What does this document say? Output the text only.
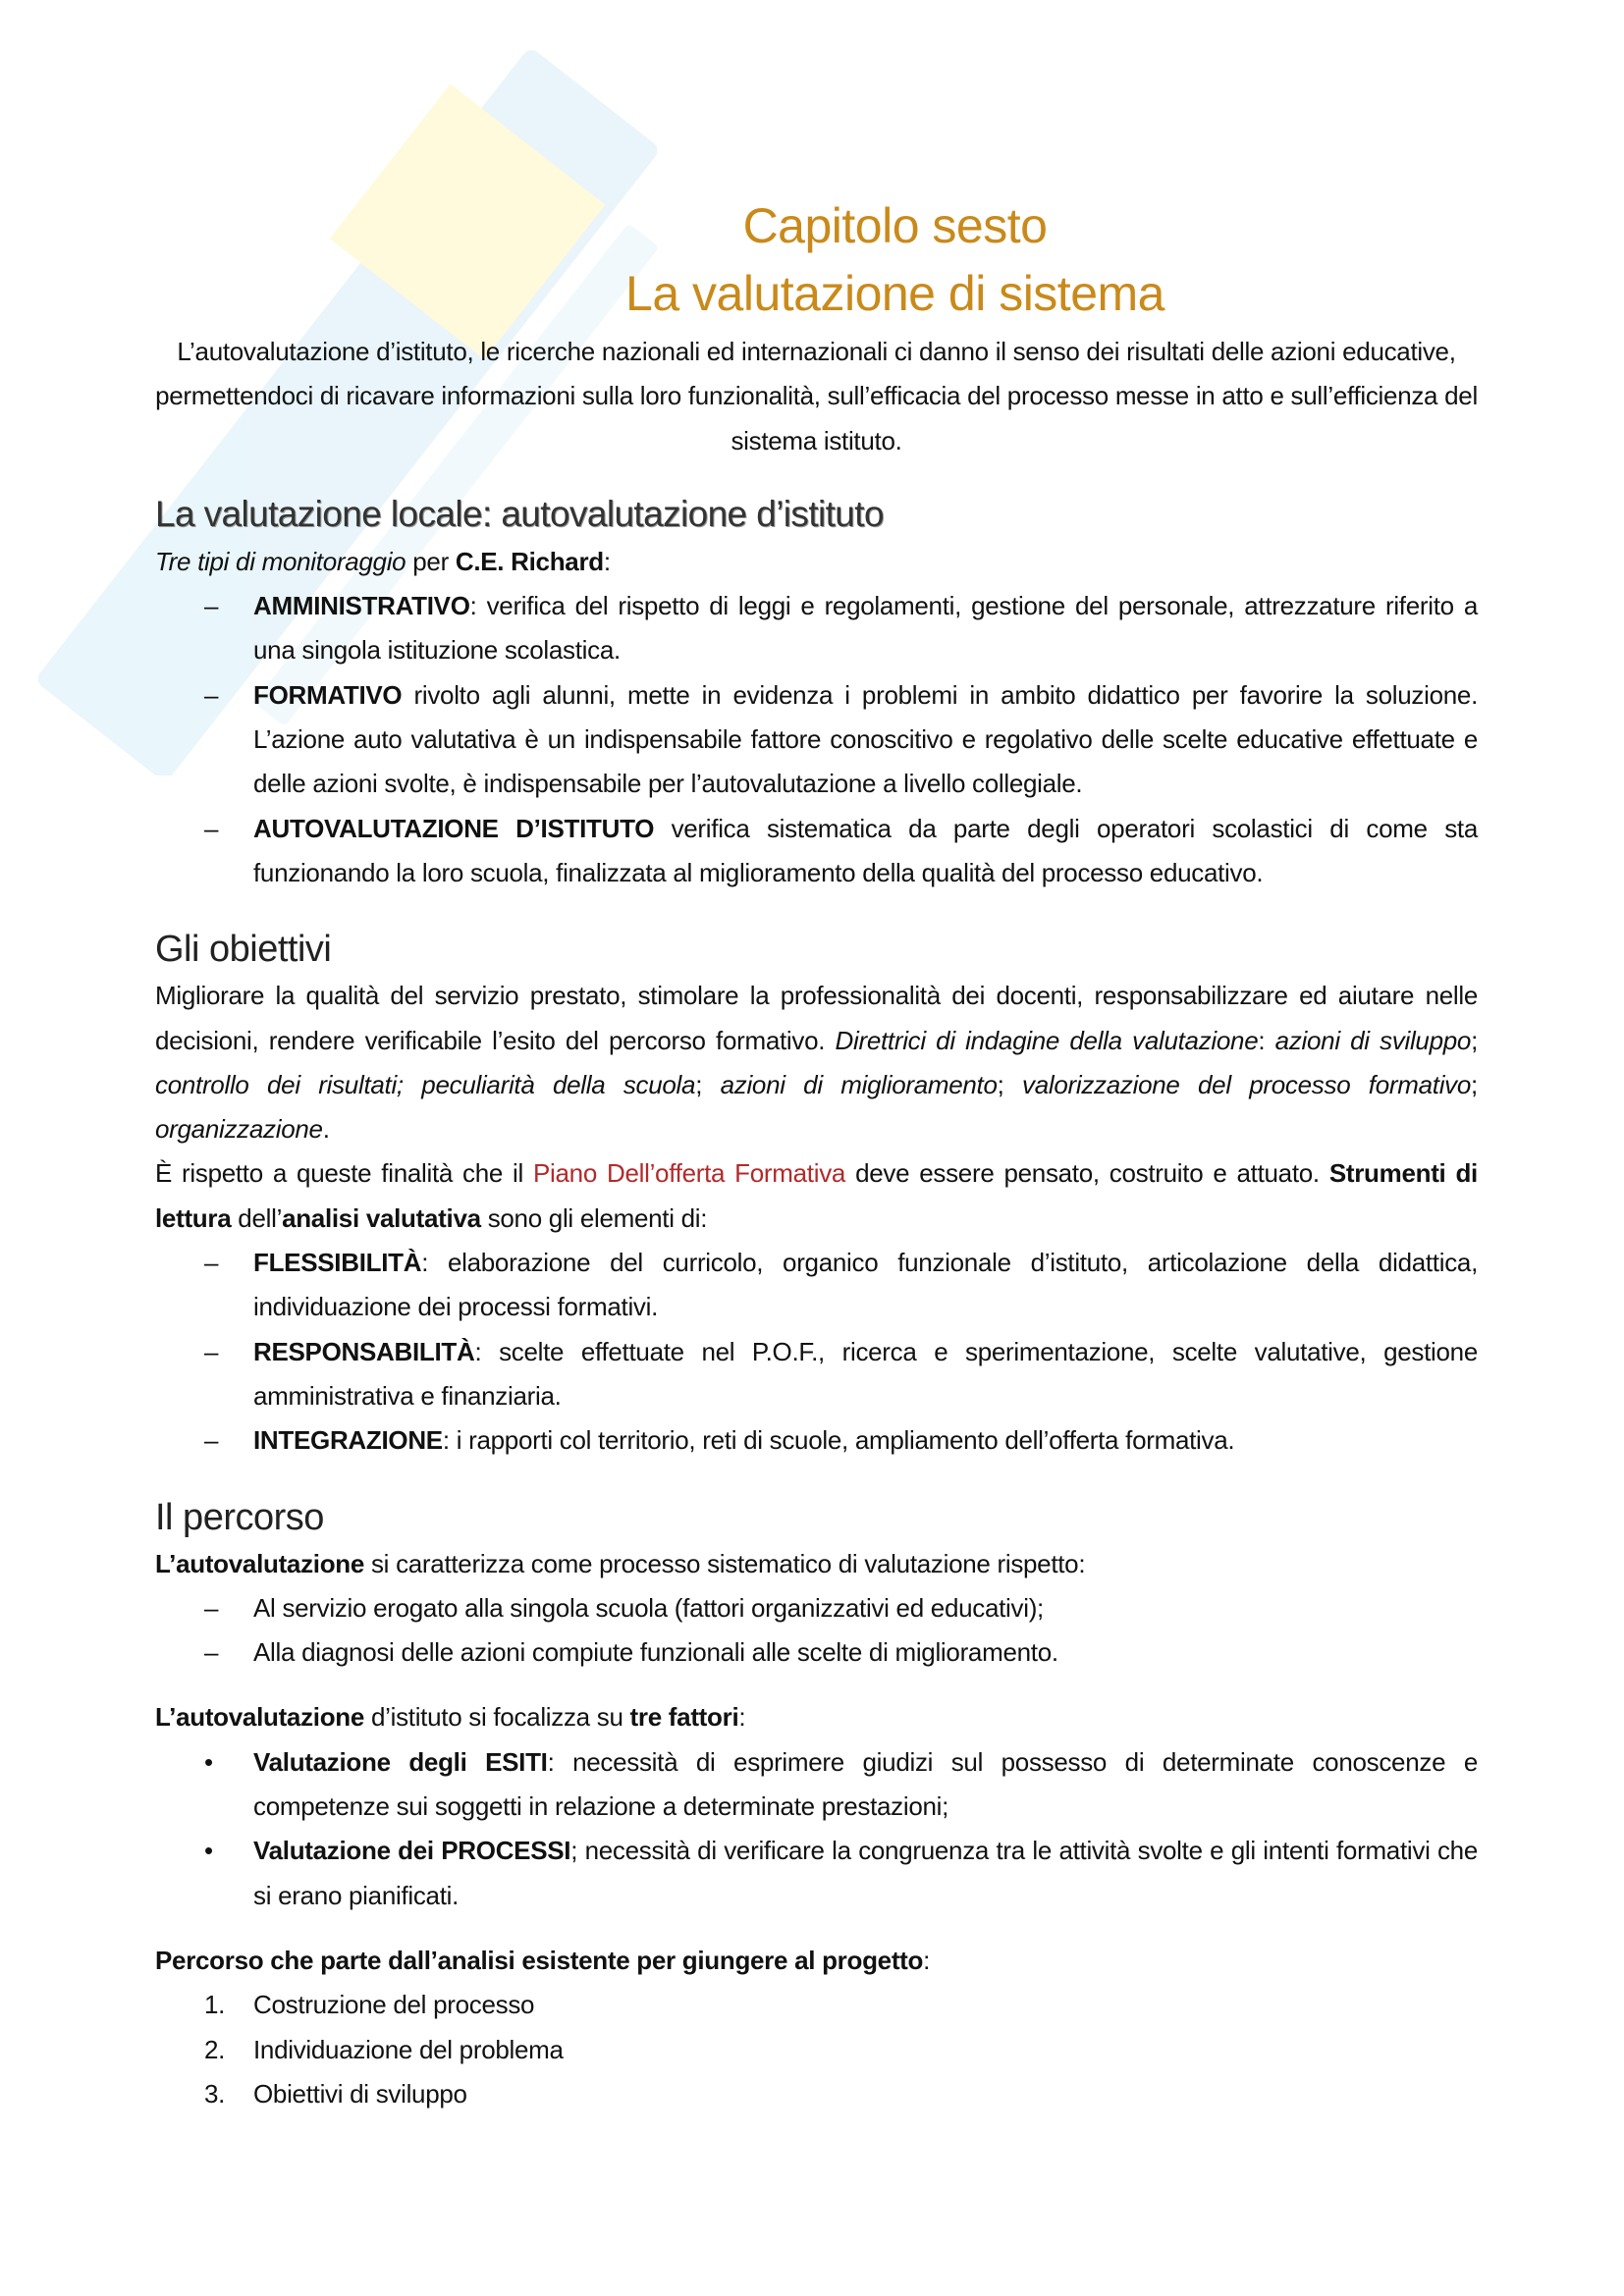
Capitolo sesto
La valutazione di sistema
L’autovalutazione d’istituto, le ricerche nazionali ed internazionali ci danno il senso dei risultati delle azioni educative, permettendoci di ricavare informazioni sulla loro funzionalità, sull’efficacia del processo messe in atto e sull’efficienza del sistema istituto.
La valutazione locale: autovalutazione d’istituto
Tre tipi di monitoraggio per C.E. Richard:
– AMMINISTRATIVO: verifica del rispetto di leggi e regolamenti, gestione del personale, attrezzature riferito a una singola istituzione scolastica.
– FORMATIVO rivolto agli alunni, mette in evidenza i problemi in ambito didattico per favorire la soluzione. L’azione auto valutativa è un indispensabile fattore conoscitivo e regolativo delle scelte educative effettuate e delle azioni svolte, è indispensabile per l’autovalutazione a livello collegiale.
– AUTOVALUTAZIONE D’ISTITUTO verifica sistematica da parte degli operatori scolastici di come sta funzionando la loro scuola, finalizzata al miglioramento della qualità del processo educativo.
Gli obiettivi
Migliorare la qualità del servizio prestato, stimolare la professionalità dei docenti, responsabilizzare ed aiutare nelle decisioni, rendere verificabile l’esito del percorso formativo. Direttrici di indagine della valutazione: azioni di sviluppo; controllo dei risultati; peculiarità della scuola; azioni di miglioramento; valorizzazione del processo formativo; organizzazione.
È rispetto a queste finalità che il Piano Dell’offerta Formativa deve essere pensato, costruito e attuato. Strumenti di lettura dell’analisi valutativa sono gli elementi di:
– FLESSIBILITÀ: elaborazione del curricolo, organico funzionale d’istituto, articolazione della didattica, individuazione dei processi formativi.
– RESPONSABILITÀ: scelte effettuate nel P.O.F., ricerca e sperimentazione, scelte valutative, gestione amministrativa e finanziaria.
– INTEGRAZIONE: i rapporti col territorio, reti di scuole, ampliamento dell’offerta formativa.
Il percorso
L’autovalutazione si caratterizza come processo sistematico di valutazione rispetto:
– Al servizio erogato alla singola scuola (fattori organizzativi ed educativi);
– Alla diagnosi delle azioni compiute funzionali alle scelte di miglioramento.
L’autovalutazione d’istituto si focalizza su tre fattori:
• Valutazione degli ESITI: necessità di esprimere giudizi sul possesso di determinate conoscenze e competenze sui soggetti in relazione a determinate prestazioni;
• Valutazione dei PROCESSI; necessità di verificare la congruenza tra le attività svolte e gli intenti formativi che si erano pianificati.
Percorso che parte dall’analisi esistente per giungere al progetto:
1. Costruzione del processo
2. Individuazione del problema
3. Obiettivi di sviluppo
